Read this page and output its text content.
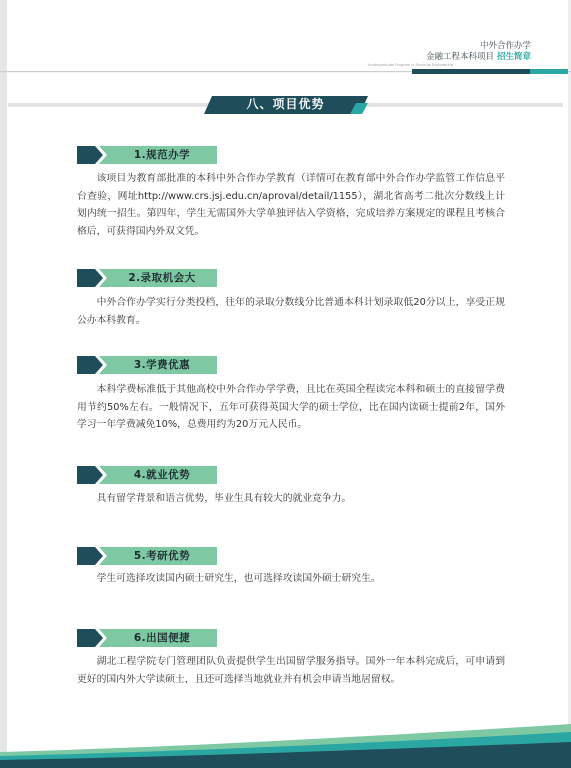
中外合作办学
金融工程本科项目 招生简章
Undergraduate Program in Financial Engineering
八、项目优势
1.规范办学

该项目为教育部批准的本科中外合作办学教育（详情可在教育部中外合作办学监管工作信息平台查验，网址http://www.crs.jsj.edu.cn/aproval/detail/1155），湖北省高考二批次分数线上计划内统一招生。第四年，学生无需国外大学单独评估入学资格，完成培养方案规定的课程且考核合格后，可获得国内外双文凭。

2.录取机会大

中外合作办学实行分类投档，往年的录取分数线分比普通本科计划录取低20分以上，享受正规公办本科教育。

3.学费优惠

本科学费标准低于其他高校中外合作办学学费，且比在英国全程读完本科和硕士的直接留学费用节约50%左右。一般情况下，五年可获得英国大学的硕士学位，比在国内读硕士提前2年，国外学习一年学费减免10%，总费用约为20万元人民币。

4.就业优势

具有留学背景和语言优势，毕业生具有较大的就业竞争力。

5.考研优势

学生可选择攻读国内硕士研究生，也可选择攻读国外硕士研究生。

6.出国便捷

湖北工程学院专门管理团队负责提供学生出国留学服务指导。国外一年本科完成后，可申请到更好的国内外大学读硕士，且还可选择当地就业并有机会申请当地居留权。
